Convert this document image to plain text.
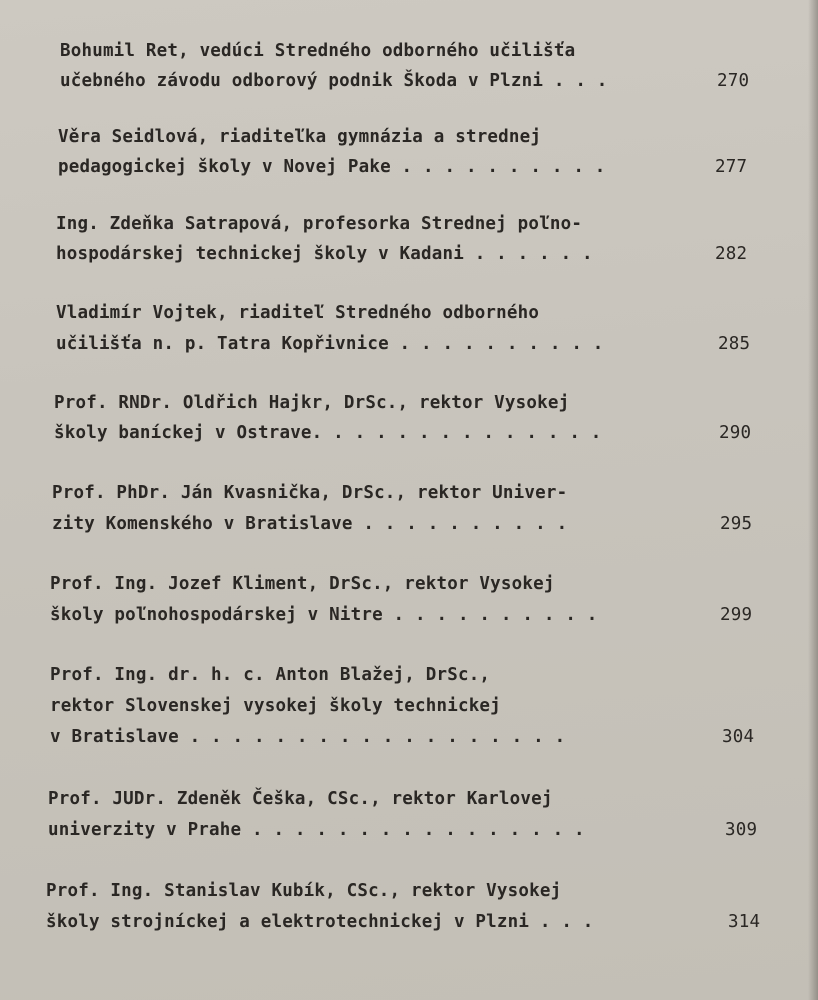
Bohumil Ret, vedúci Stredného odborného učilišťa
učebného závodu odborový podnik Škoda v Plzni . . .	270
Věra Seidlová, riaditeľka gymnázia a strednej
pedagogickej školy v Novej Pake . . . . . . . . . .	277
Ing. Zdeňka Satrapová, profesorka Strednej poľno-
hospodárskej technickej školy v Kadani . . . . . .	282
Vladimír Vojtek, riaditeľ Stredného odborného
učilišťa n. p. Tatra Kopřivnice . . . . . . . . . .	285
Prof. RNDr. Oldřich Hajkr, DrSc., rektor Vysokej
školy baníckej v Ostrave. . . . . . . . . . . . . .	290
Prof. PhDr. Ján Kvasnička, DrSc., rektor Univer-
zity Komenského v Bratislave . . . . . . . . . .	295
Prof. Ing. Jozef Kliment, DrSc., rektor Vysokej
školy poľnohospodárskej v Nitre . . . . . . . . . .	299
Prof. Ing. dr. h. c. Anton Blažej, DrSc.,
rektor Slovenskej vysokej školy technickej
v Bratislave . . . . . . . . . . . . . . . . . .	304
Prof. JUDr. Zdeněk Češka, CSc., rektor Karlovej
univerzity v Prahe . . . . . . . . . . . . . . . .	309
Prof. Ing. Stanislav Kubík, CSc., rektor Vysokej
školy strojníckej a elektrotechnickej v Plzni . . .	314
